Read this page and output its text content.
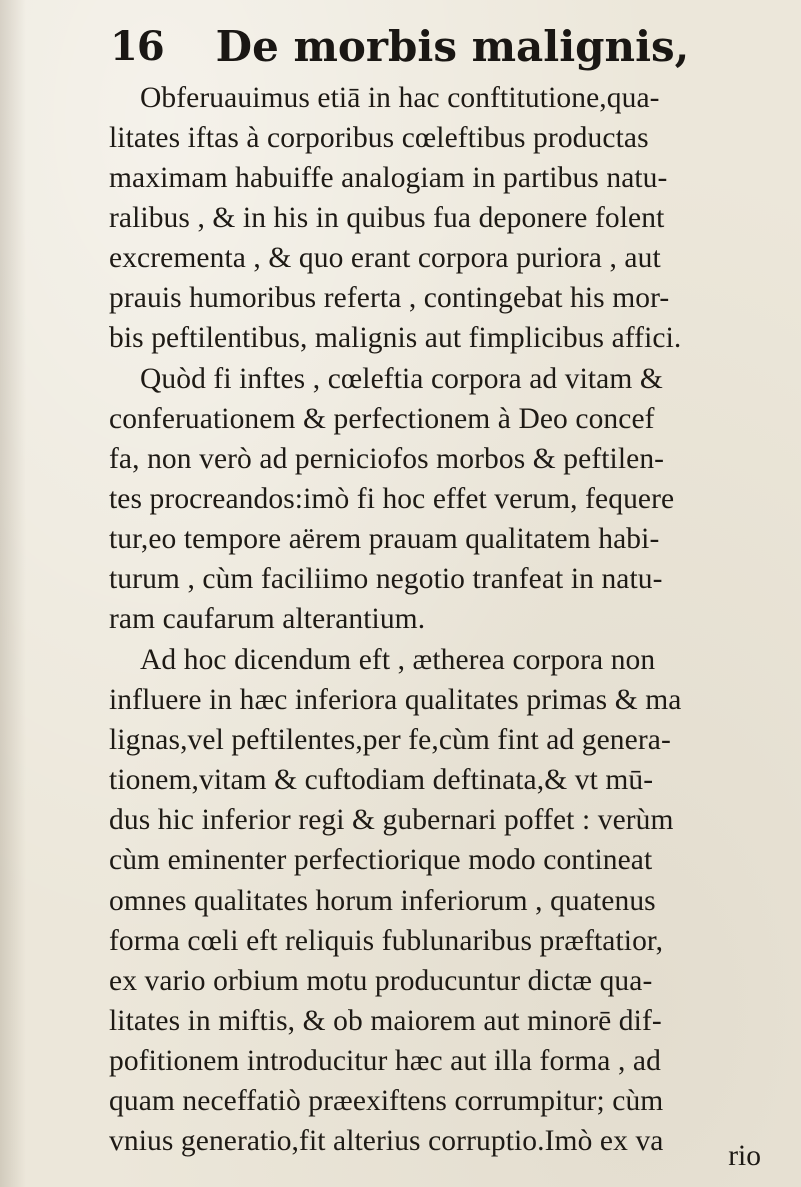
16 De morbis malignis,
Obferuauimus etiā in hac conftitutione,qua-
litates iftas à corporibus cœleftibus productas
maximam habuiffe analogiam in partibus natu-
ralibus , & in his in quibus fua deponere folent
excrementa , & quo erant corpora puriora , aut
prauis humoribus referta , contingebat his mor-
bis peftilentibus, malignis aut fimplicibus affici.
Quòd fi inftes , cœleftia corpora ad vitam &
conferuationem & perfectionem à Deo concef
fa, non verò ad perniciofos morbos & peftilen-
tes procreandos:imò fi hoc effet verum, fequere
tur,eo tempore aërem prauam qualitatem habi-
turum , cùm faciliimo negotio tranfeat in natu-
ram caufarum alterantium.
Ad hoc dicendum eft , ætherea corpora non
influere in hæc inferiora qualitates primas & ma
lignas,vel peftilentes,per fe,cùm fint ad genera-
tionem,vitam & cuftodiam deftinata,& vt mū-
dus hic inferior regi & gubernari poffet : verùm
cùm eminenter perfectiorique modo contineat
omnes qualitates horum inferiorum , quatenus
forma cœli eft reliquis fublunaribus præftatior,
ex vario orbium motu producuntur dictæ qua-
litates in miftis, & ob maiorem aut minorē dif-
pofitionem introducitur hæc aut illa forma , ad
quam neceffatiò præexiftens corrumpitur; cùm
vnius generatio,fit alterius corruptio.Imò ex va	rio
